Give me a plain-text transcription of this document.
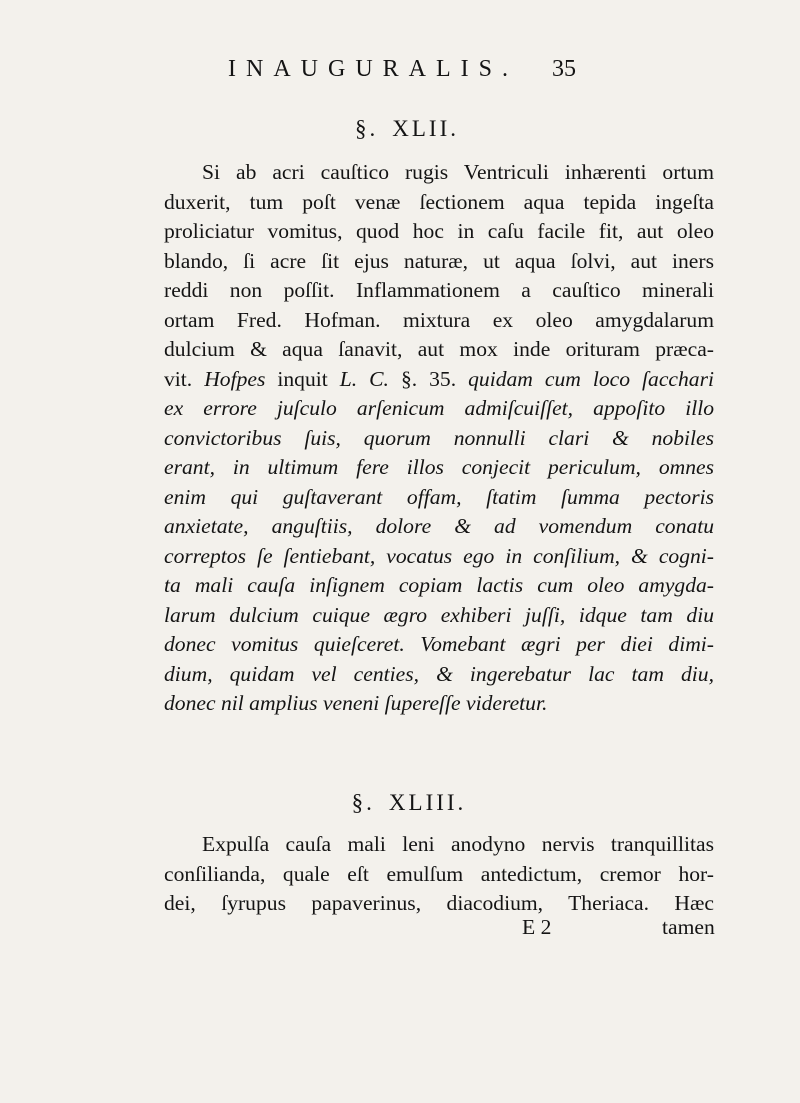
INAUGURALIS. 35
§. XLII.
Si ab acri cauſtico rugis Ventriculi inhærenti ortum
duxerit, tum poſt venæ ſectionem aqua tepida ingeſta
proliciatur vomitus, quod hoc in caſu facile fit, aut oleo
blando, ſi acre ſit ejus naturæ, ut aqua ſolvi, aut iners
reddi non poſſit. Inflammationem a cauſtico minerali
ortam Fred. Hofman. mixtura ex oleo amygdalarum
dulcium & aqua ſanavit, aut mox inde orituram præca-
vit. Hofpes inquit L. C. §. 35. quidam cum loco ſacchari
ex errore juſculo arſenicum admiſcuiſſet, appoſito illo
convictoribus ſuis, quorum nonnulli clari & nobiles
erant, in ultimum fere illos conjecit periculum, omnes
enim qui guſtaverant offam, ſtatim ſumma pectoris
anxietate, anguſtiis, dolore & ad vomendum conatu
correptos ſe ſentiebant, vocatus ego in conſilium, & cogni-
ta mali cauſa inſignem copiam lactis cum oleo amygda-
larum dulcium cuique ægro exhiberi juſſi, idque tam diu
donec vomitus quieſceret. Vomebant ægri per diei dimi-
dium, quidam vel centies, & ingerebatur lac tam diu,
donec nil amplius veneni ſupereſſe videretur.
§. XLIII.
Expulſa cauſa mali leni anodyno nervis tranquillitas
conſilianda, quale eſt emulſum antedictum, cremor hor-
dei, ſyrupus papaverinus, diacodium, Theriaca. Hæc
E 2	tamen
